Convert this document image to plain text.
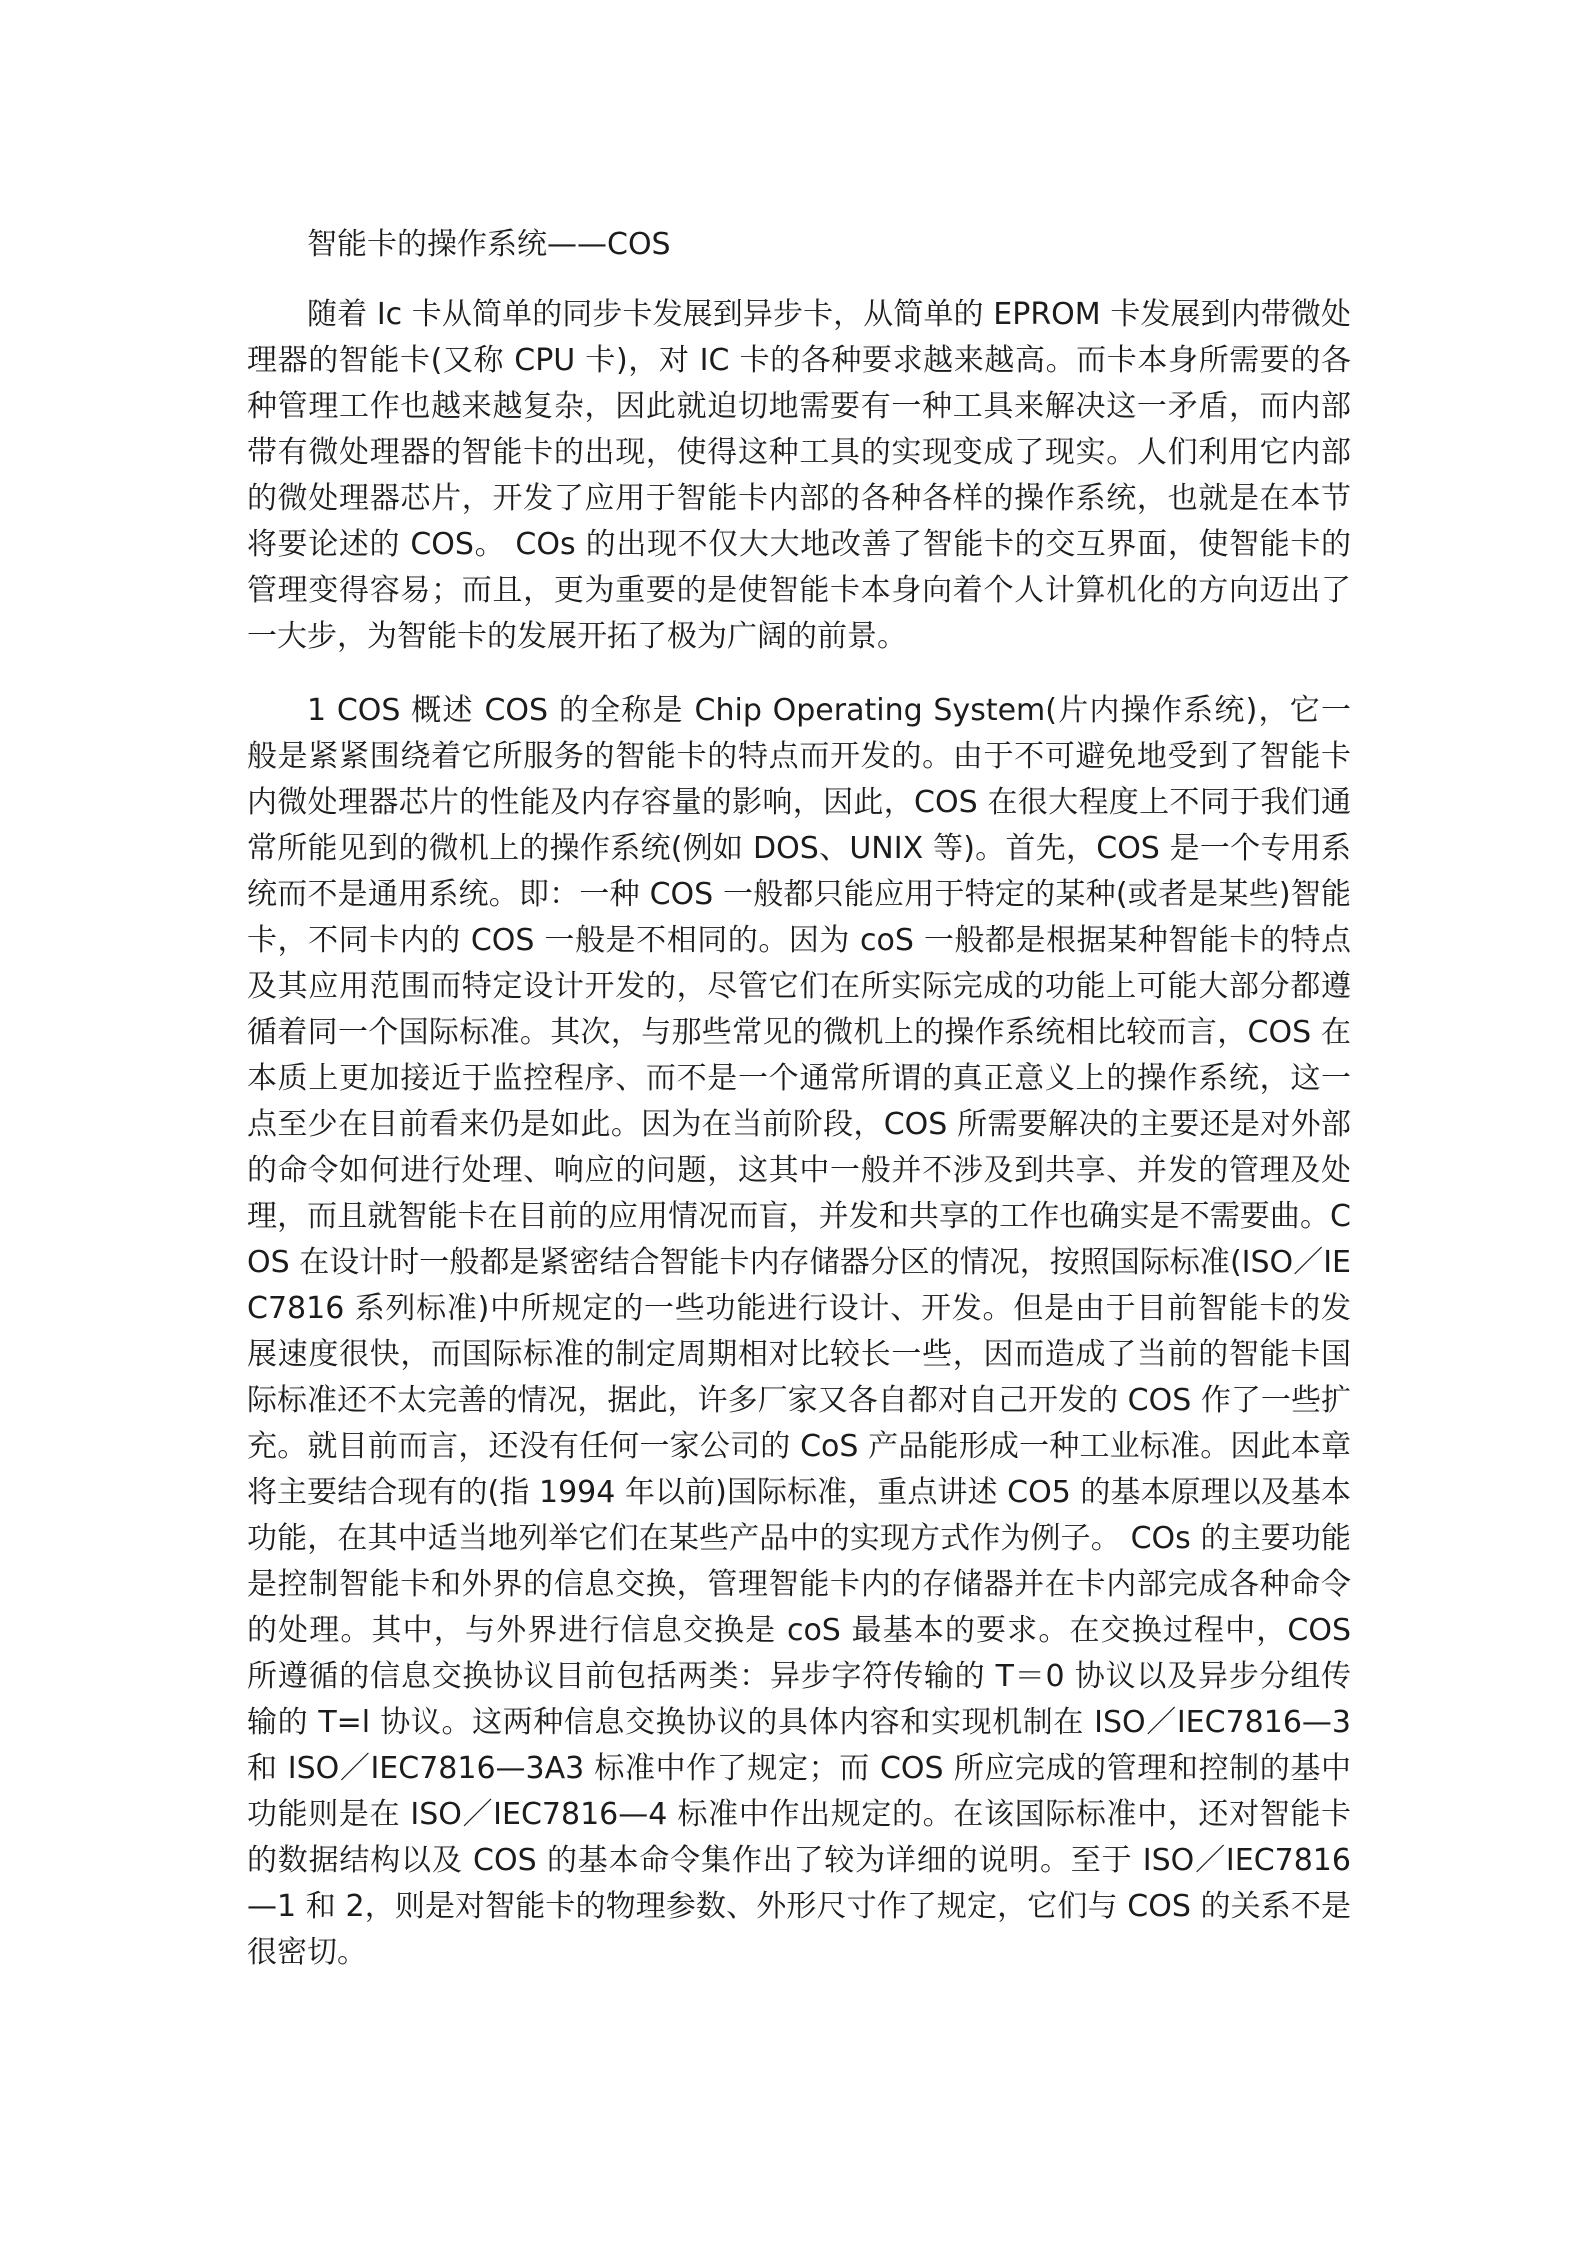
智能卡的操作系统——COS

随着 Ic 卡从简单的同步卡发展到异步卡，从简单的 EPROM 卡发展到内带微处理器的智能卡(又称 CPU 卡)，对 IC 卡的各种要求越来越高。而卡本身所需要的各种管理工作也越来越复杂，因此就迫切地需要有一种工具来解决这一矛盾，而内部带有微处理器的智能卡的出现，使得这种工具的实现变成了现实。人们利用它内部的微处理器芯片，开发了应用于智能卡内部的各种各样的操作系统，也就是在本节将要论述的 COS。 COs 的出现不仅大大地改善了智能卡的交互界面，使智能卡的管理变得容易；而且，更为重要的是使智能卡本身向着个人计算机化的方向迈出了一大步，为智能卡的发展开拓了极为广阔的前景。

1 COS 概述 COS 的全称是 Chip Operating System(片内操作系统)，它一般是紧紧围绕着它所服务的智能卡的特点而开发的。由于不可避免地受到了智能卡内微处理器芯片的性能及内存容量的影响，因此，COS 在很大程度上不同于我们通常所能见到的微机上的操作系统(例如 DOS、UNIX 等)。首先，COS 是一个专用系统而不是通用系统。即：一种 COS 一般都只能应用于特定的某种(或者是某些)智能卡，不同卡内的 COS 一般是不相同的。因为 coS 一般都是根据某种智能卡的特点及其应用范围而特定设计开发的，尽管它们在所实际完成的功能上可能大部分都遵循着同一个国际标准。其次，与那些常见的微机上的操作系统相比较而言，COS 在本质上更加接近于监控程序、而不是一个通常所谓的真正意义上的操作系统，这一点至少在目前看来仍是如此。因为在当前阶段，COS 所需要解决的主要还是对外部的命令如何进行处理、响应的问题，这其中一般并不涉及到共享、并发的管理及处理，而且就智能卡在目前的应用情况而盲，并发和共享的工作也确实是不需要曲。COS 在设计时一般都是紧密结合智能卡内存储器分区的情况，按照国际标准(ISO／IEC7816 系列标准)中所规定的一些功能进行设计、开发。但是由于目前智能卡的发展速度很快，而国际标准的制定周期相对比较长一些，因而造成了当前的智能卡国际标准还不太完善的情况，据此，许多厂家又各自都对自己开发的 COS 作了一些扩充。就目前而言，还没有任何一家公司的 CoS 产品能形成一种工业标准。因此本章将主要结合现有的(指 1994 年以前)国际标准，重点讲述 CO5 的基本原理以及基本功能，在其中适当地列举它们在某些产品中的实现方式作为例子。 COs 的主要功能是控制智能卡和外界的信息交换，管理智能卡内的存储器并在卡内部完成各种命令的处理。其中，与外界进行信息交换是 coS 最基本的要求。在交换过程中，COS 所遵循的信息交换协议目前包括两类：异步字符传输的 T＝0 协议以及异步分组传输的 T=l 协议。这两种信息交换协议的具体内容和实现机制在 ISO／IEC7816—3 和 ISO／IEC7816—3A3 标准中作了规定；而 COS 所应完成的管理和控制的基中功能则是在 ISO／IEC7816—4 标准中作出规定的。在该国际标准中，还对智能卡的数据结构以及 COS 的基本命令集作出了较为详细的说明。至于 ISO／IEC7816—1 和 2，则是对智能卡的物理参数、外形尺寸作了规定，它们与 COS 的关系不是很密切。
